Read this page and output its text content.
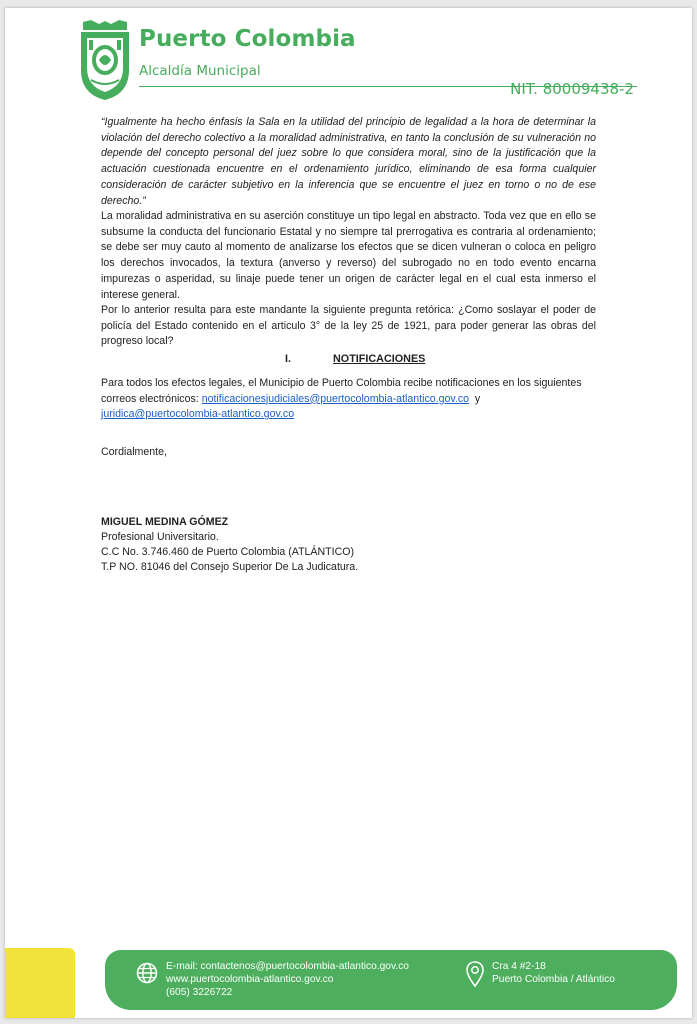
Puerto Colombia
Alcaldía Municipal
NIT. 80009438-2
“Igualmente ha hecho énfasis la Sala en la utilidad del principio de legalidad a la hora de determinar la violación del derecho colectivo a la moralidad administrativa, en tanto la conclusión de su vulneración no depende del concepto personal del juez sobre lo que considera moral, sino de la justificación que la actuación cuestionada encuentre en el ordenamiento jurídico, eliminando de esa forma cualquier consideración de carácter subjetivo en la inferencia que se encuentre el juez en torno o no de ese derecho.”
La moralidad administrativa en su aserción constituye un tipo legal en abstracto. Toda vez que en ello se subsume la conducta del funcionario Estatal y no siempre tal prerrogativa es contraria al ordenamiento; se debe ser muy cauto al momento de analizarse los efectos que se dicen vulneran o coloca en peligro los derechos invocados, la textura (anverso y reverso) del subrogado no en todo evento encarna impurezas o asperidad, su linaje puede tener un origen de carácter legal en el cual esta inmerso el interese general.
Por lo anterior resulta para este mandante la siguiente pregunta retórica: ¿Como soslayar el poder de policía del Estado contenido en el articulo 3° de la ley 25 de 1921, para poder generar las obras del progreso local?
I.	NOTIFICACIONES
Para todos los efectos legales, el Municipio de Puerto Colombia recibe notificaciones en los siguientes correos electrónicos: notificacionesjudiciales@puertocolombia-atlantico.gov.co y
juridica@puertocolombia-atlantico.gov.co
Cordialmente,
MIGUEL MEDINA GÓMEZ
Profesional Universitario.
C.C No. 3.746.460 de Puerto Colombia (ATLÁNTICO)
T.P NO. 81046 del Consejo Superior De La Judicatura.
E-mail: contactenos@puertocolombia-atlantico.gov.co
www.puertocolombia-atlantico.gov.co
(605) 3226722
Cra 4 #2-18
Puerto Colombia / Atlántico
